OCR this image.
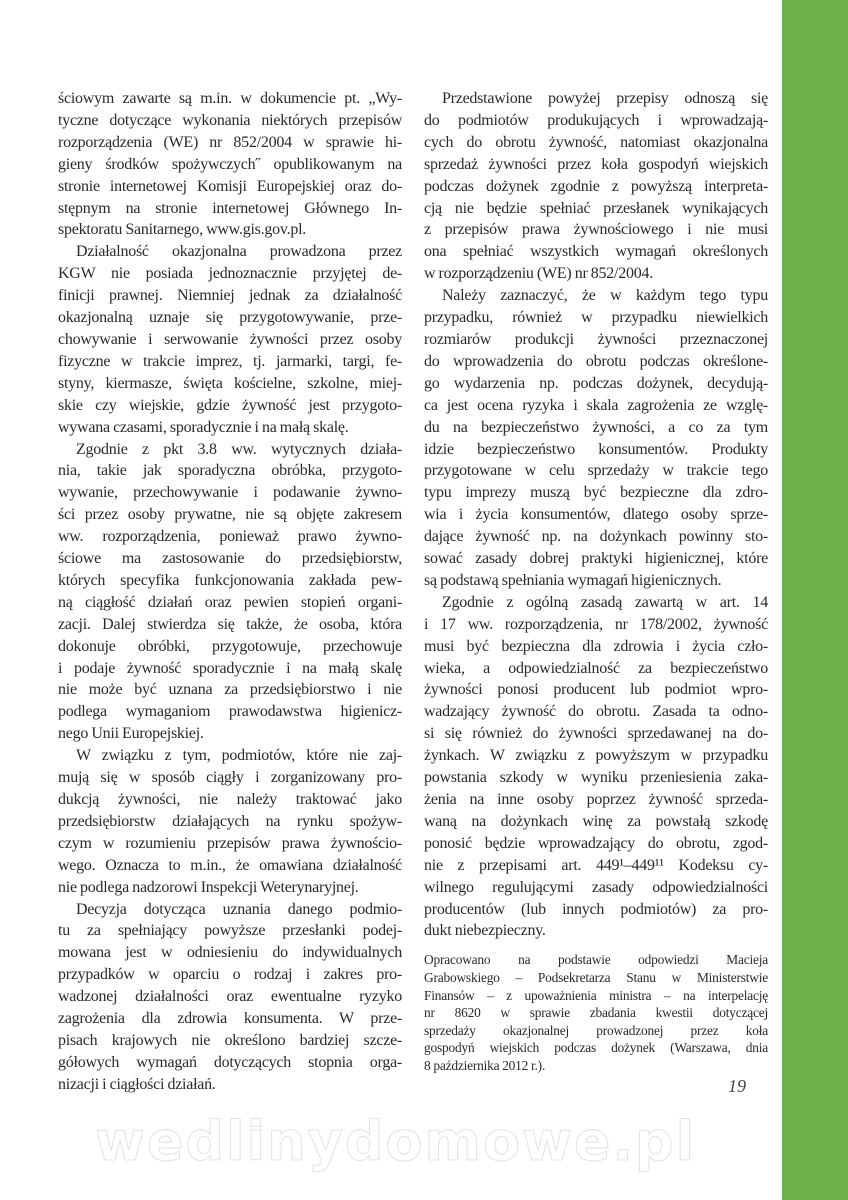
ściowym zawarte są m.in. w dokumencie pt. „Wy-
tyczne dotyczące wykonania niektórych przepisów
rozporządzenia (WE) nr 852/2004 w sprawie hi-
gieny środków spożywczych˝ opublikowanym na
stronie internetowej Komisji Europejskiej oraz do-
stępnym na stronie internetowej Głównego In-
spektoratu Sanitarnego, www.gis.gov.pl.
Działalność okazjonalna prowadzona przez
KGW nie posiada jednoznacznie przyjętej de-
finicji prawnej. Niemniej jednak za działalność
okazjonalną uznaje się przygotowywanie, prze-
chowywanie i serwowanie żywności przez osoby
fizyczne w trakcie imprez, tj. jarmarki, targi, fe-
styny, kiermasze, święta kościelne, szkolne, miej-
skie czy wiejskie, gdzie żywność jest przygoto-
wywana czasami, sporadycznie i na małą skalę.
Zgodnie z pkt 3.8 ww. wytycznych działa-
nia, takie jak sporadyczna obróbka, przygoto-
wywanie, przechowywanie i podawanie żywno-
ści przez osoby prywatne, nie są objęte zakresem
ww. rozporządzenia, ponieważ prawo żywno-
ściowe ma zastosowanie do przedsiębiorstw,
których specyfika funkcjonowania zakłada pew-
ną ciągłość działań oraz pewien stopień organi-
zacji. Dalej stwierdza się także, że osoba, która
dokonuje obróbki, przygotowuje, przechowuje
i podaje żywność sporadycznie i na małą skalę
nie może być uznana za przedsiębiorstwo i nie
podlega wymaganiom prawodawstwa higienicz-
nego Unii Europejskiej.
W związku z tym, podmiotów, które nie zaj-
mują się w sposób ciągły i zorganizowany pro-
dukcją żywności, nie należy traktować jako
przedsiębiorstw działających na rynku spożyw-
czym w rozumieniu przepisów prawa żywnościo-
wego. Oznacza to m.in., że omawiana działalność
nie podlega nadzorowi Inspekcji Weterynaryjnej.
Decyzja dotycząca uznania danego podmio-
tu za spełniający powyższe przesłanki podej-
mowana jest w odniesieniu do indywidualnych
przypadków w oparciu o rodzaj i zakres pro-
wadzonej działalności oraz ewentualne ryzyko
zagrożenia dla zdrowia konsumenta. W prze-
pisach krajowych nie określono bardziej szcze-
gółowych wymagań dotyczących stopnia orga-
nizacji i ciągłości działań.
Przedstawione powyżej przepisy odnoszą się
do podmiotów produkujących i wprowadzają-
cych do obrotu żywność, natomiast okazjonalna
sprzedaż żywności przez koła gospodyń wiejskich
podczas dożynek zgodnie z powyższą interpreta-
cją nie będzie spełniać przesłanek wynikających
z przepisów prawa żywnościowego i nie musi
ona spełniać wszystkich wymagań określonych
w rozporządzeniu (WE) nr 852/2004.
Należy zaznaczyć, że w każdym tego typu
przypadku, również w przypadku niewielkich
rozmiarów produkcji żywności przeznaczonej
do wprowadzenia do obrotu podczas określone-
go wydarzenia np. podczas dożynek, decydują-
ca jest ocena ryzyka i skala zagrożenia ze wzglę-
du na bezpieczeństwo żywności, a co za tym
idzie bezpieczeństwo konsumentów. Produkty
przygotowane w celu sprzedaży w trakcie tego
typu imprezy muszą być bezpieczne dla zdro-
wia i życia konsumentów, dlatego osoby sprze-
dające żywność np. na dożynkach powinny sto-
sować zasady dobrej praktyki higienicznej, które
są podstawą spełniania wymagań higienicznych.
Zgodnie z ogólną zasadą zawartą w art. 14
i 17 ww. rozporządzenia, nr 178/2002, żywność
musi być bezpieczna dla zdrowia i życia czło-
wieka, a odpowiedzialność za bezpieczeństwo
żywności ponosi producent lub podmiot wpro-
wadzający żywność do obrotu. Zasada ta odno-
si się również do żywności sprzedawanej na do-
żynkach. W związku z powyższym w przypadku
powstania szkody w wyniku przeniesienia zaka-
żenia na inne osoby poprzez żywność sprzeda-
waną na dożynkach winę za powstałą szkodę
ponosić będzie wprowadzający do obrotu, zgod-
nie z przepisami art. 449¹–449¹¹ Kodeksu cy-
wilnego regulującymi zasady odpowiedzialności
producentów (lub innych podmiotów) za pro-
dukt niebezpieczny.
Opracowano na podstawie odpowiedzi Macieja
Grabowskiego – Podsekretarza Stanu w Ministerstwie
Finansów – z upoważnienia ministra – na interpelację
nr 8620 w sprawie zbadania kwestii dotyczącej
sprzedaży okazjonalnej prowadzonej przez koła
gospodyń wiejskich podczas dożynek (Warszawa, dnia
8 października 2012 r.).
wedlinydomowe.pl
19
